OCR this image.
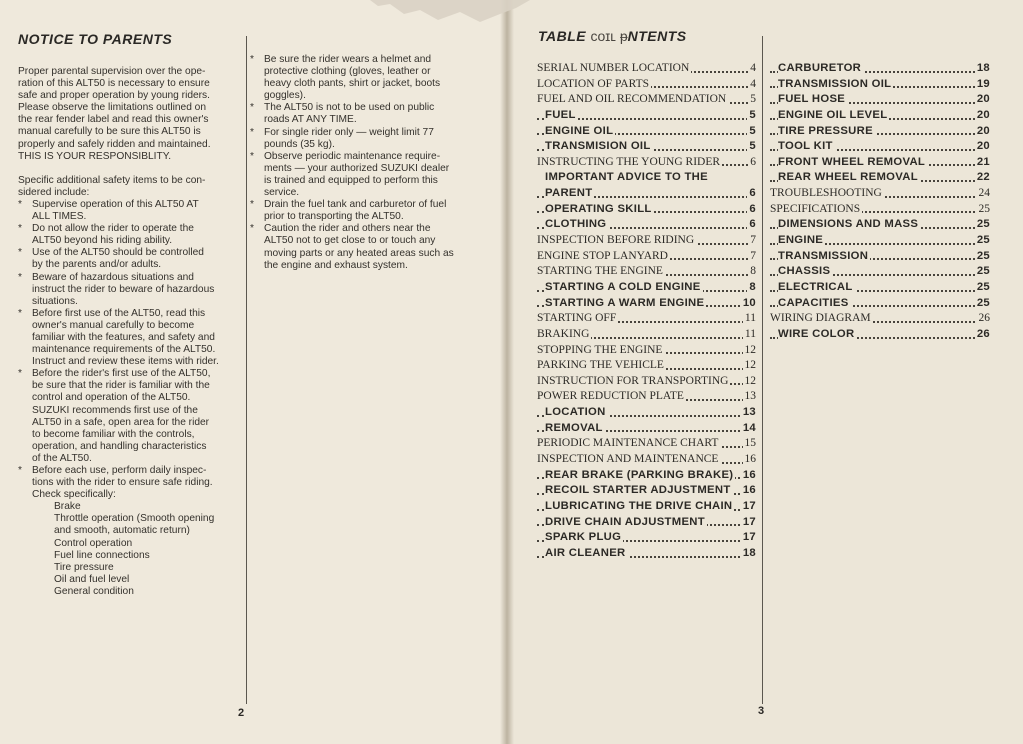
NOTICE TO PARENTS

Proper parental supervision over the ope-

ration of this ALT50 is necessary to ensure

safe and proper operation by young riders.

Please observe the limitations outlined on

the rear fender label and read this owner's

manual carefully to be sure this ALT50 is

properly and safely ridden and maintained.

THIS IS YOUR RESPONSIBLITY.

Specific additional safety items to be con-

sidered include:

* Supervise operation of this ALT50 AT

ALL TIMES.

* Do not allow the rider to operate the

ALT50 beyond his riding ability.

* Use of the ALT50 should be controlled

by the parents and/or adults.

* Beware of hazardous situations and

instruct the rider to beware of hazardous

situations.

* Before first use of the ALT50, read this

owner's manual carefully to become

familiar with the features, and safety and

maintenance requirements of the ALT50.

Instruct and review these items with rider.

* Before the rider's first use of the ALT50,

be sure that the rider is familiar with the

control and operation of the ALT50.

SUZUKI recommends first use of the

ALT50 in a safe, open area for the rider

to become familiar with the controls,

operation, and handling characteristics

of the ALT50.

* Before each use, perform daily inspec-

tions with the rider to ensure safe riding.

Check specifically:

Brake

Throttle operation (Smooth opening

and smooth, automatic return)

Control operation

Fuel line connections

Tire pressure

Oil and fuel level

General condition

* Be sure the rider wears a helmet and

protective clothing (gloves, leather or

heavy cloth pants, shirt or jacket, boots

goggles).

* The ALT50 is not to be used on public

roads AT ANY TIME.

* For single rider only — weight limit 77

pounds (35 kg).

* Observe periodic maintenance require-

ments — your authorized SUZUKI dealer

is trained and equipped to perform this

service.

* Drain the fuel tank and carburetor of fuel

prior to transporting the ALT50.

* Caution the rider and others near the

ALT50 not to get close to or touch any

moving parts or any heated areas such as

the engine and exhaust system.

2
TABLE ᴄᴏɪʟ ᵽNTENTS
SERIAL NUMBER LOCATION	4
LOCATION OF PARTS	4
FUEL AND OIL RECOMMENDATION 5
FUEL	5
ENGINE OIL	5
TRANSMISION OIL	5
INSTRUCTING THE YOUNG RIDER	6
IMPORTANT ADVICE TO THE
PARENT	6
OPERATING SKILL	6
CLOTHING	6
INSPECTION BEFORE RIDING	7
ENGINE STOP LANYARD	7
STARTING THE ENGINE	8
STARTING A COLD ENGINE	8
STARTING A WARM ENGINE	10
STARTING OFF	11
BRAKING	11
STOPPING THE ENGINE	12
PARKING THE VEHICLE	12
INSTRUCTION FOR TRANSPORTING 12
POWER REDUCTION PLATE	13
LOCATION	13
REMOVAL	14
PERIODIC MAINTENANCE CHART 15
INSPECTION AND MAINTENANCE 16
REAR BRAKE (PARKING BRAKE) 16
RECOIL STARTER ADJUSTMENT 16
LUBRICATING THE DRIVE CHAIN 17
DRIVE CHAIN ADJUSTMENT	17
SPARK PLUG	17
AIR CLEANER	18
CARBURETOR	18
TRANSMISSION OIL	19
FUEL HOSE	20
ENGINE OIL LEVEL	20
TIRE PRESSURE	20
TOOL KIT	20
FRONT WHEEL REMOVAL	21
REAR WHEEL REMOVAL	22
TROUBLESHOOTING	24
SPECIFICATIONS	25
DIMENSIONS AND MASS	25
ENGINE	25
TRANSMISSION	25
CHASSIS	25
ELECTRICAL	25
CAPACITIES	25
WIRING DIAGRAM	26
WIRE COLOR	26
3
